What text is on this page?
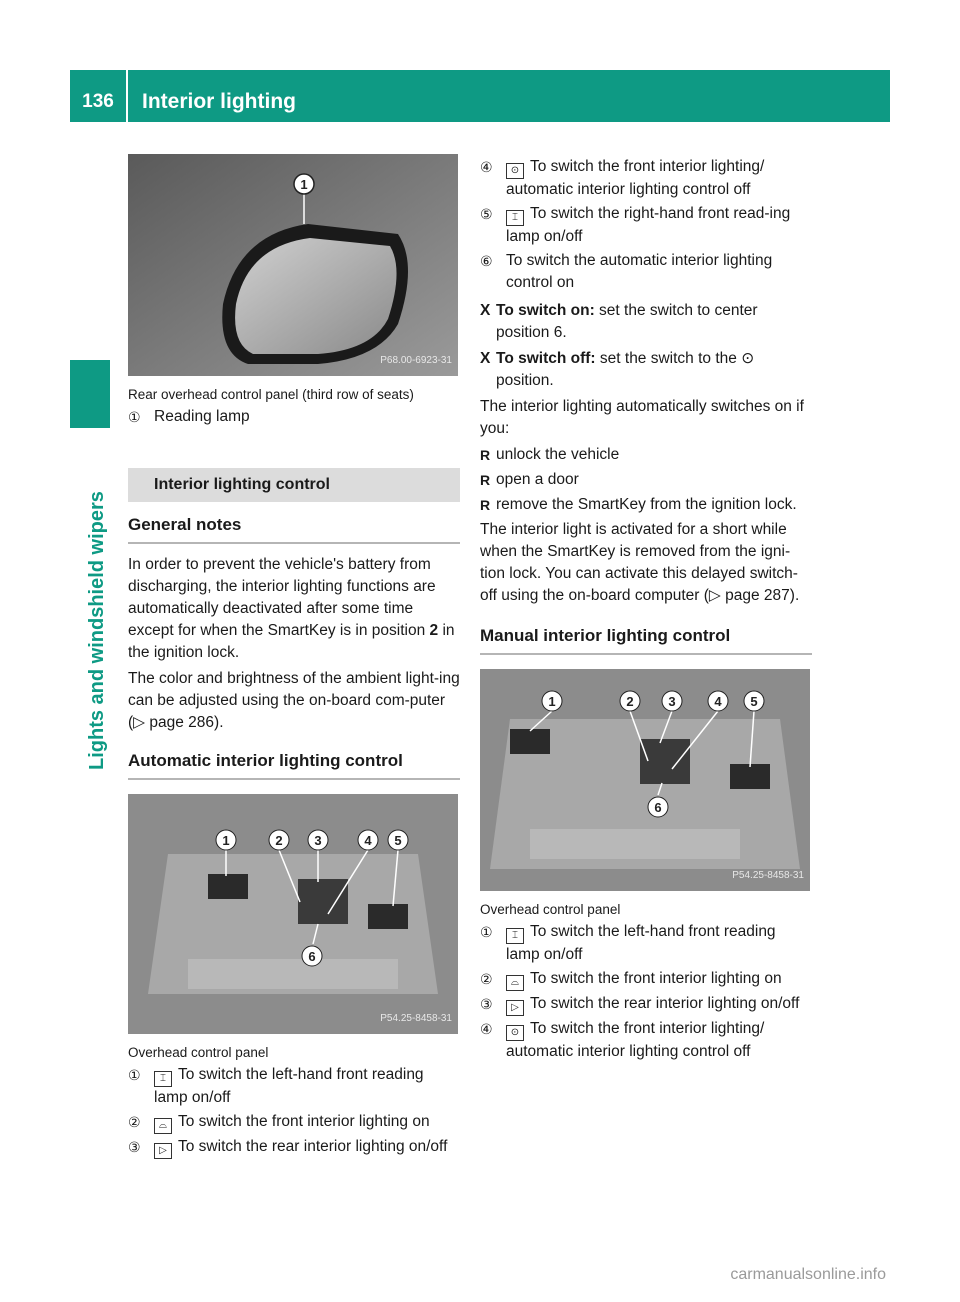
136	Interior lighting
Lights and windshield wipers
1
P68.00-6923-31
Rear overhead control panel (third row of seats)
① Reading lamp
Interior lighting control
General notes

In order to prevent the vehicle's battery from discharging, the interior lighting functions are automatically deactivated after some time except for when the SmartKey is in position 2 in the ignition lock.

The color and brightness of the ambient light-ing can be adjusted using the on-board com-puter (▷ page 286).

Automatic interior lighting control
1	2 3	4 5
6
P54.25-8458-31
Overhead control panel
① ⌶ To switch the left-hand front reading lamp on/off
② ⌓ To switch the front interior lighting on
③ ▷ To switch the rear interior lighting on/off
④ ⊙ To switch the front interior lighting/ automatic interior lighting control off
⑤ ⌶ To switch the right-hand front read-ing lamp on/off
⑥ To switch the automatic interior lighting control on
X To switch on: set the switch to center position 6.
X To switch off: set the switch to the ⊙ position.

The interior lighting automatically switches on if you:

R unlock the vehicle
R open a door
R remove the SmartKey from the ignition lock.

The interior light is activated for a short while when the SmartKey is removed from the igni-tion lock. You can activate this delayed switch-off using the on-board computer (▷ page 287).

Manual interior lighting control
1	2	3	4 5
6
P54.25-8458-31
Overhead control panel
① ⌶ To switch the left-hand front reading lamp on/off
② ⌓ To switch the front interior lighting on
③ ▷ To switch the rear interior lighting on/off
④ ⊙ To switch the front interior lighting/ automatic interior lighting control off
carmanualsonline.info
